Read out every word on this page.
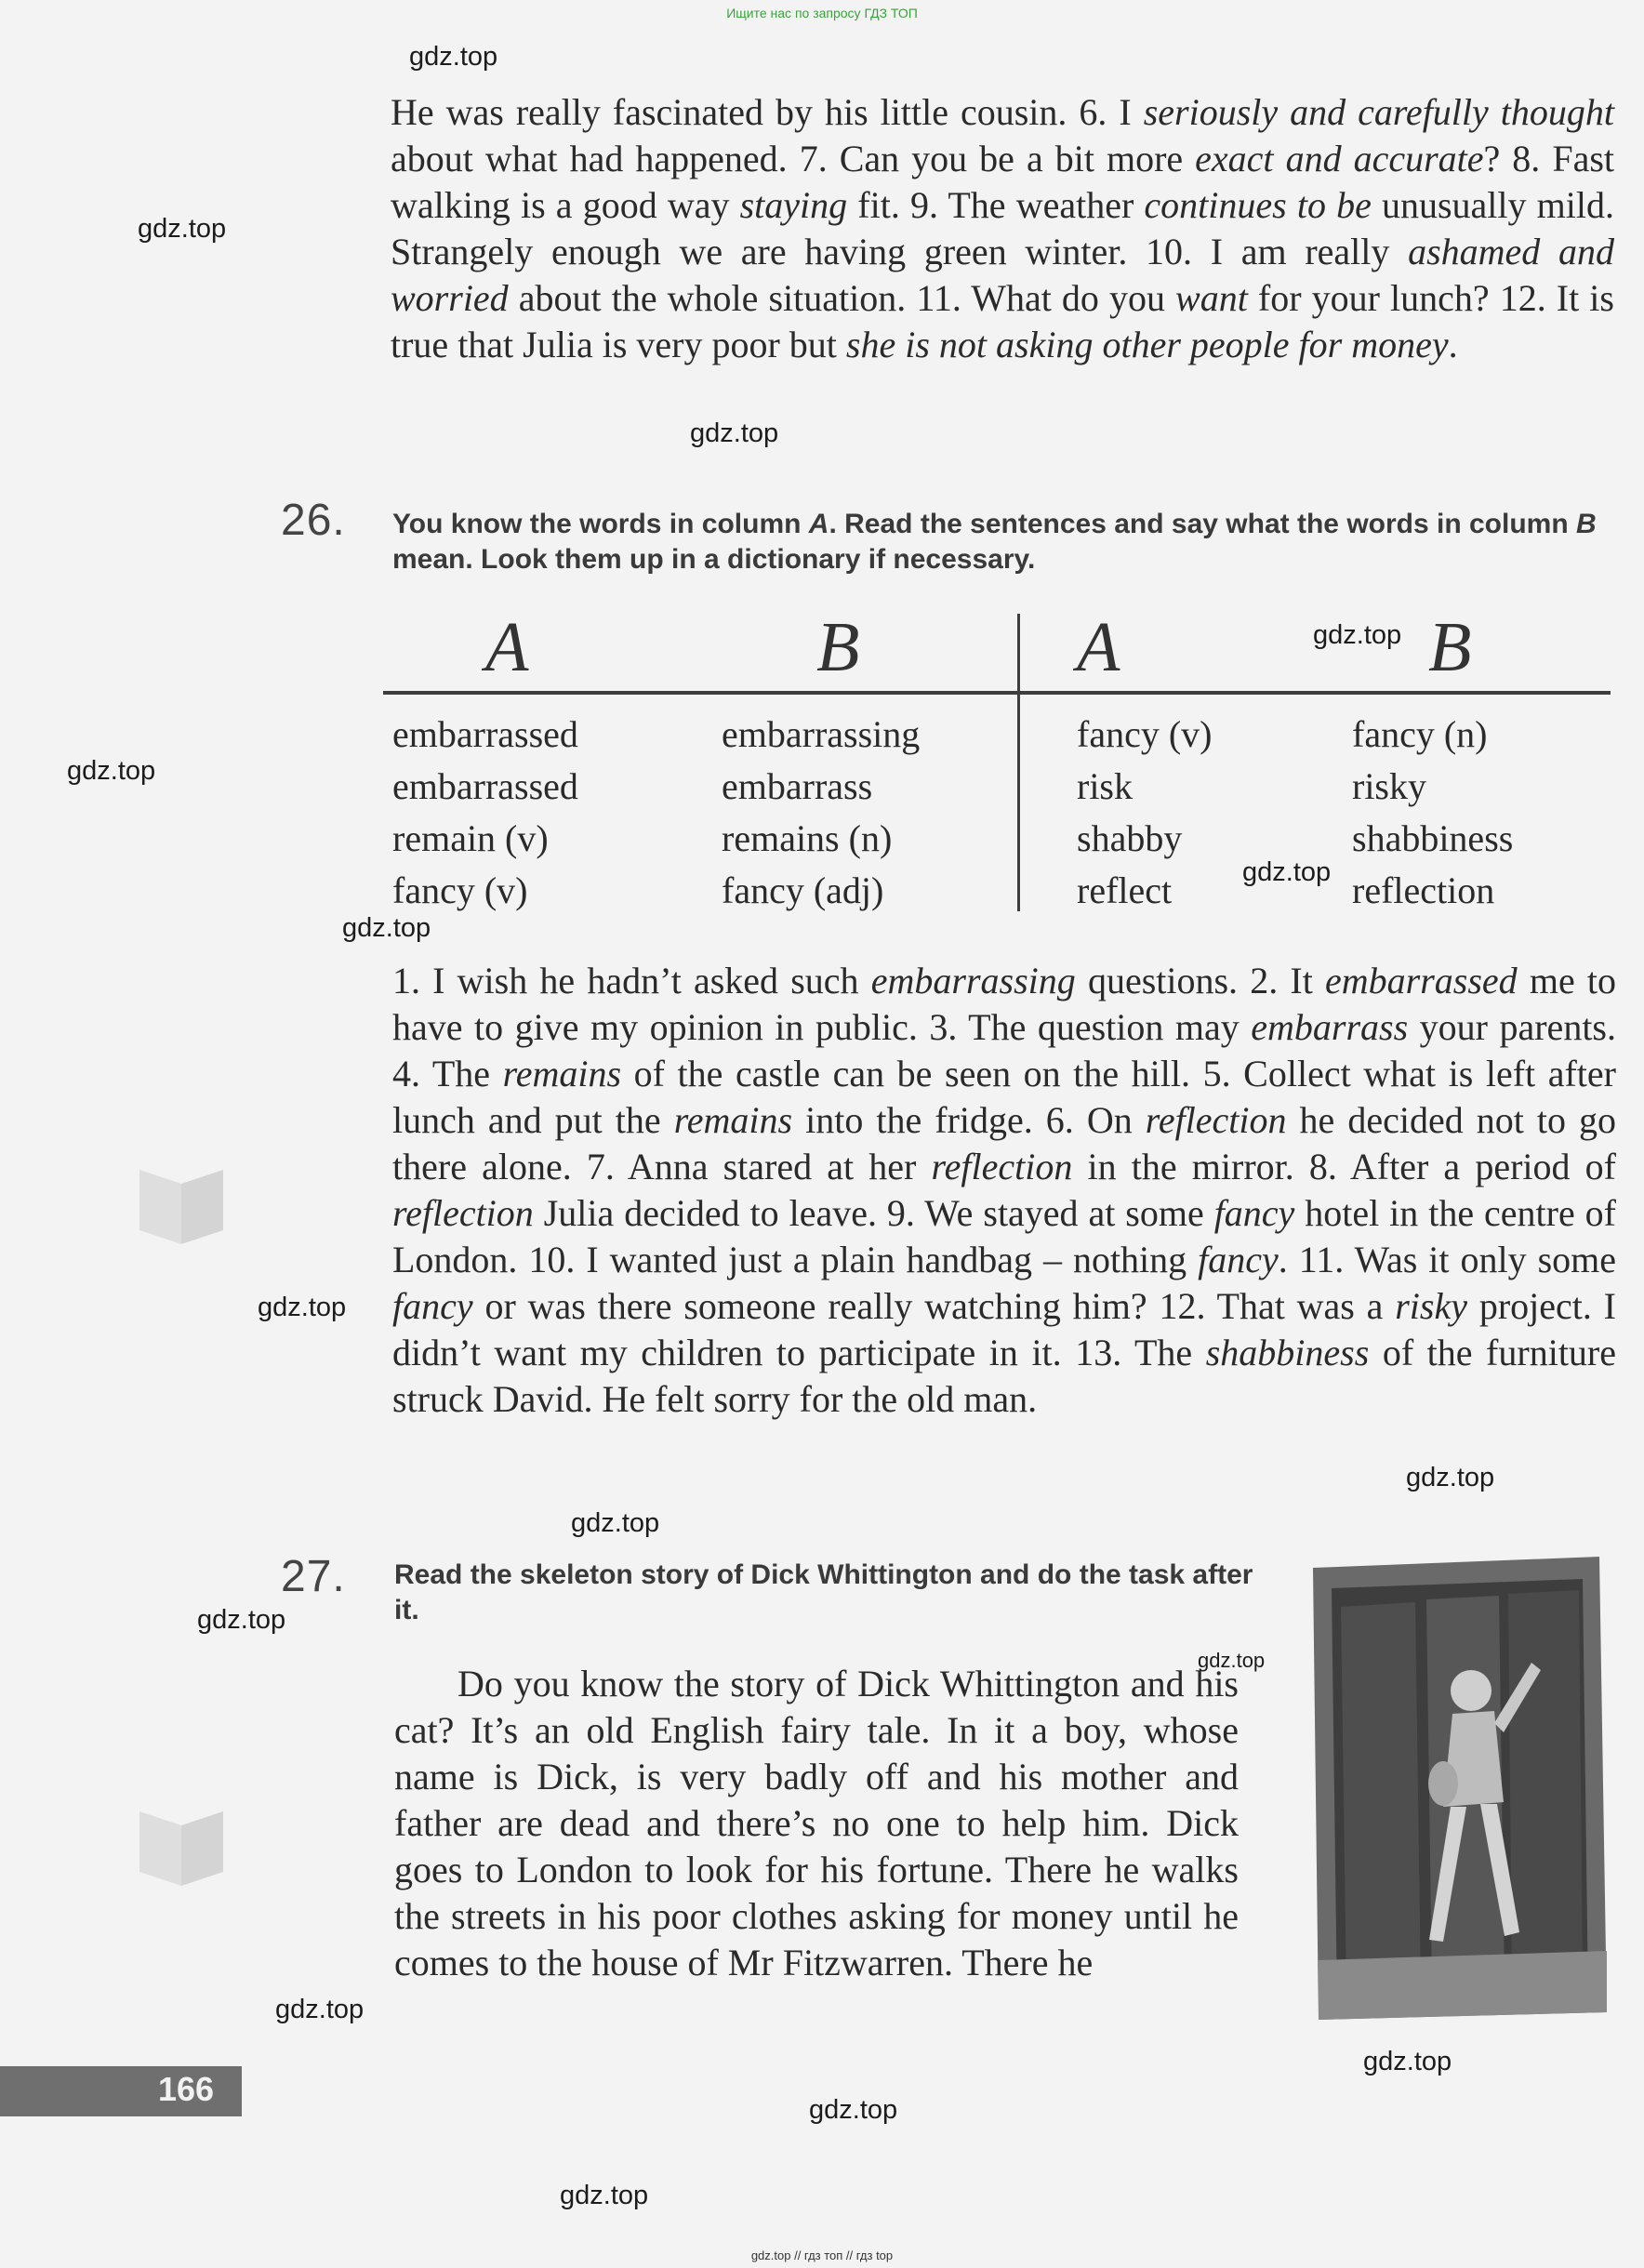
Ищите нас по запросу ГДЗ ТОП

He was really fascinated by his little cousin. 6. I seriously and carefully thought about what had happened. 7. Can you be a bit more exact and accurate? 8. Fast walking is a good way staying fit. 9. The weather continues to be unusually mild. Strangely enough we are having green winter. 10. I am really ashamed and worried about the whole situation. 11. What do you want for your lunch? 12. It is true that Julia is very poor but she is not asking other people for money.

26. You know the words in column A. Read the sentences and say what the words in column B mean. Look them up in a dictionary if necessary.

A	B	A	B
embarrassed	embarrassing	fancy (v)	fancy (n)
embarrassed	embarrass	risk	risky
remain (v)	remains (n)	shabby	shabbiness
fancy (v)	fancy (adj)	reflect	reflection

1. I wish he hadn’t asked such embarrassing questions. 2. It embarrassed me to have to give my opinion in public. 3. The question may embarrass your parents. 4. The remains of the castle can be seen on the hill. 5. Collect what is left after lunch and put the remains into the fridge. 6. On reflection he decided not to go there alone. 7. Anna stared at her reflection in the mirror. 8. After a period of reflection Julia decided to leave. 9. We stayed at some fancy hotel in the centre of London. 10. I wanted just a plain handbag – nothing fancy. 11. Was it only some fancy or was there someone really watching him? 12. That was a risky project. I didn’t want my children to participate in it. 13. The shabbiness of the furniture struck David. He felt sorry for the old man.

27. Read the skeleton story of Dick Whittington and do the task after it.

Do you know the story of Dick Whittington and his cat? It’s an old English fairy tale. In it a boy, whose name is Dick, is very badly off and his mother and father are dead and there’s no one to help him. Dick goes to London to look for his fortune. There he walks the streets in his poor clothes asking for money until he comes to the house of Mr Fitzwarren. There he

166
gdz.top
gdz.top
gdz.top
gdz.top
gdz.top
gdz.top
gdz.top
gdz.top
gdz.top
gdz.top
gdz.top
gdz.top
gdz.top
gdz.top
gdz.top
gdz.top
gdz.top // гдз топ // гдз top
